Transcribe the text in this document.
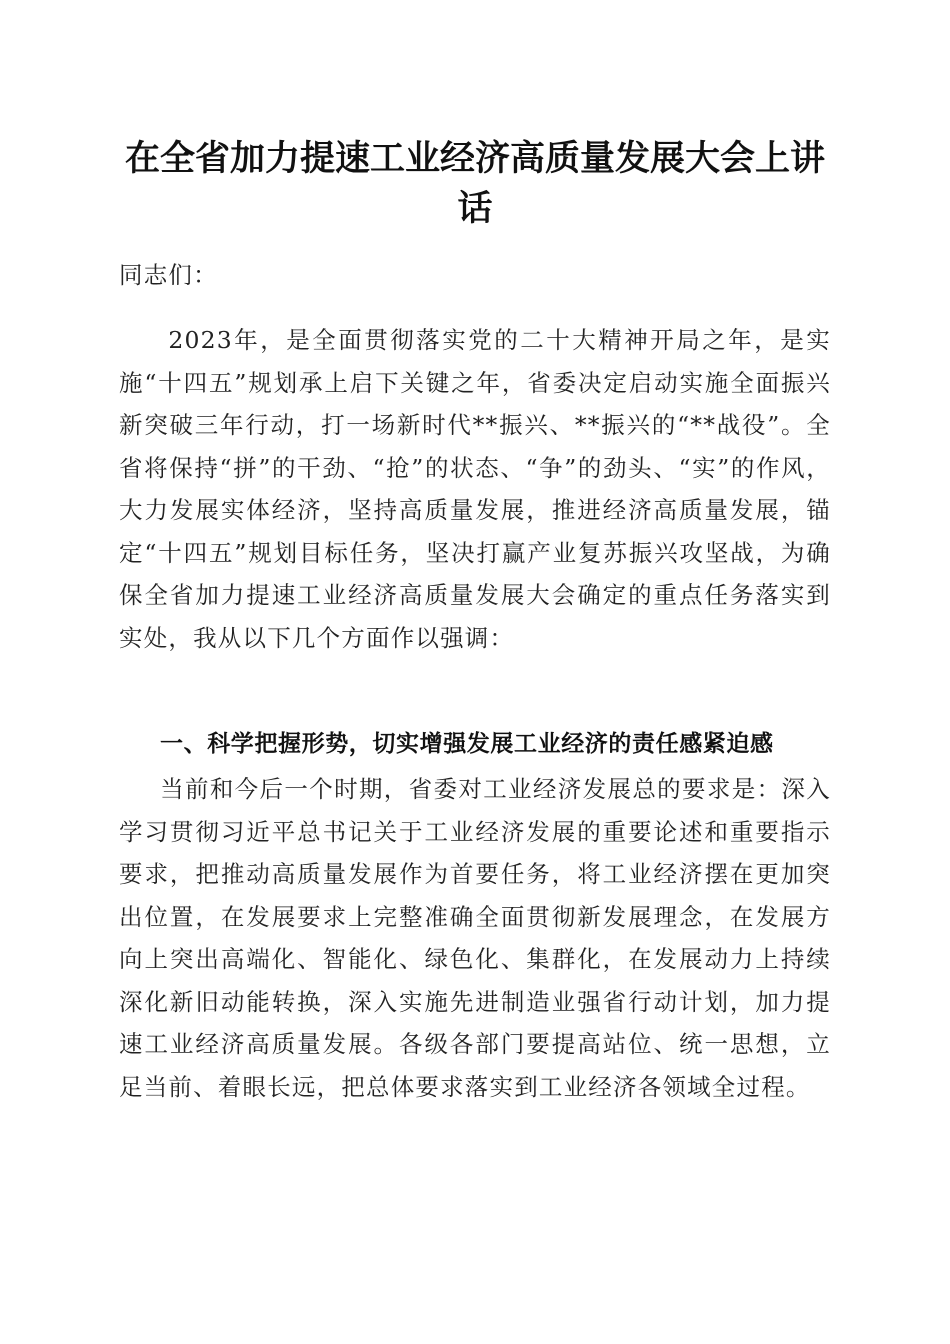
在全省加力提速工业经济高质量发展大会上讲话
同志们：
2023年，是全面贯彻落实党的二十大精神开局之年，是实施“十四五”规划承上启下关键之年，省委决定启动实施全面振兴新突破三年行动，打一场新时代**振兴、**振兴的“**战役”。全省将保持“拼”的干劲、“抢”的状态、“争”的劲头、“实”的作风，大力发展实体经济，坚持高质量发展，推进经济高质量发展，锚定“十四五”规划目标任务，坚决打赢产业复苏振兴攻坚战，为确保全省加力提速工业经济高质量发展大会确定的重点任务落实到实处，我从以下几个方面作以强调：
一、科学把握形势，切实增强发展工业经济的责任感紧迫感
当前和今后一个时期，省委对工业经济发展总的要求是：深入学习贯彻习近平总书记关于工业经济发展的重要论述和重要指示要求，把推动高质量发展作为首要任务，将工业经济摆在更加突出位置，在发展要求上完整准确全面贯彻新发展理念，在发展方向上突出高端化、智能化、绿色化、集群化，在发展动力上持续深化新旧动能转换，深入实施先进制造业强省行动计划，加力提速工业经济高质量发展。各级各部门要提高站位、统一思想，立足当前、着眼长远，把总体要求落实到工业经济各领域全过程。
